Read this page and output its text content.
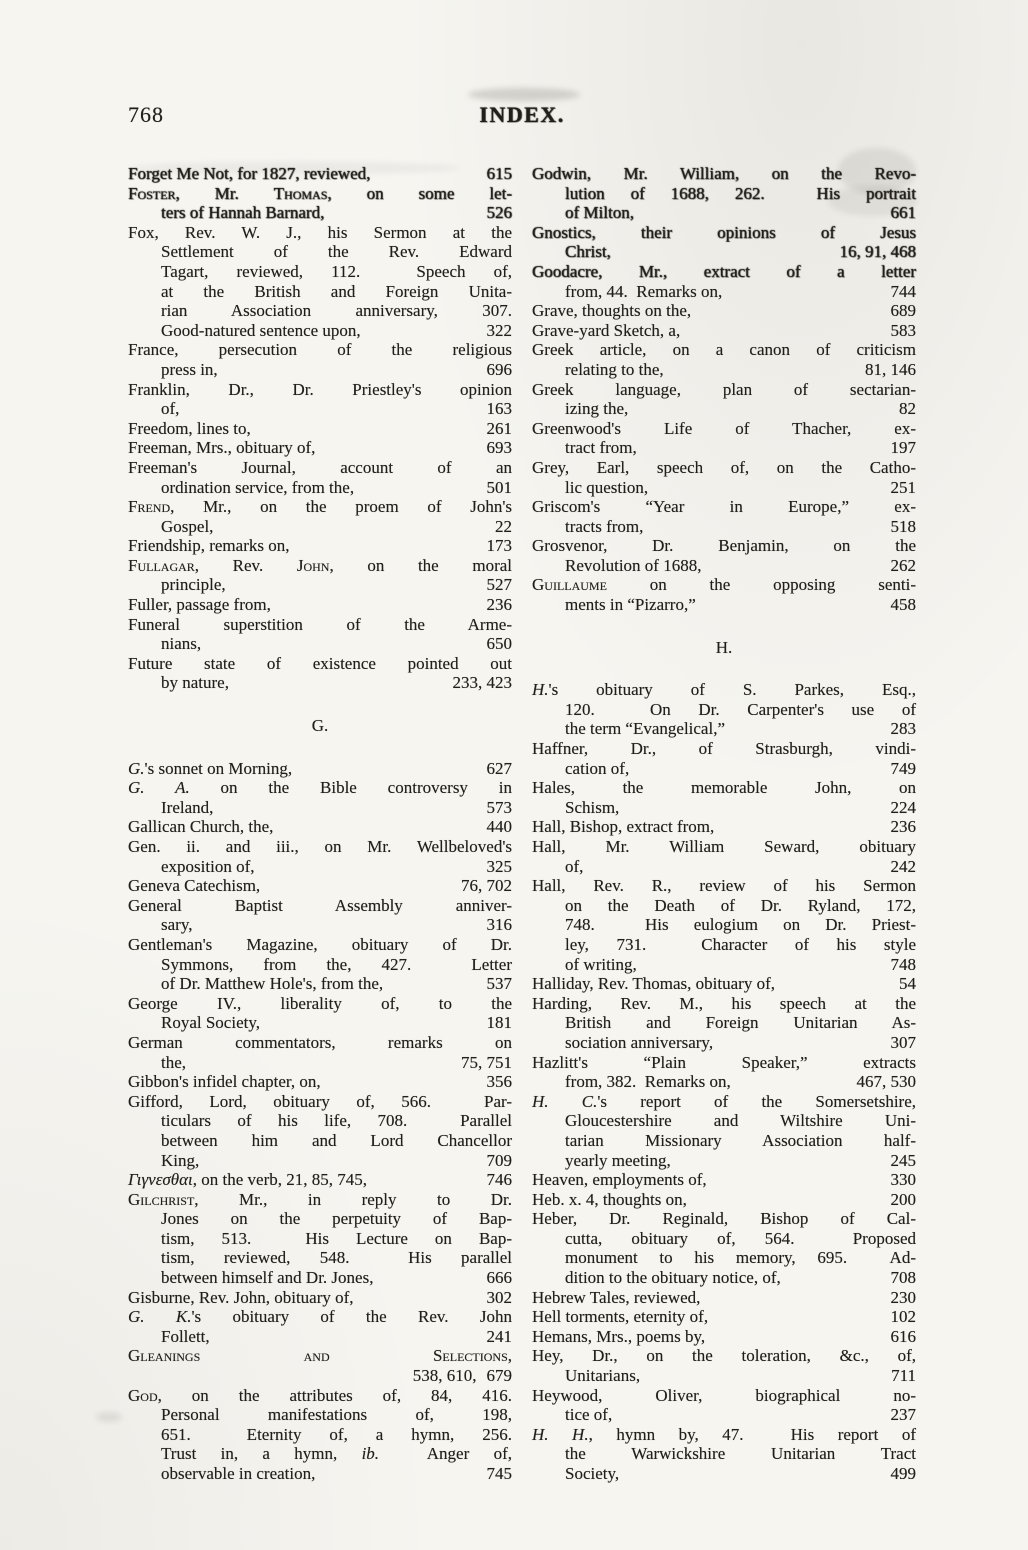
768	INDEX.
Forget Me Not, for 1827, reviewed,	615
Foster, Mr. Thomas, on some let-
ters of Hannah Barnard,	526
Fox, Rev. W. J., his Sermon at the
Settlement of the Rev. Edward
Tagart, reviewed, 112.  Speech of,
at the British and Foreign Unita-
rian Association anniversary, 307.
Good-natured sentence upon,	322
France, persecution of the religious
press in,	696
Franklin, Dr., Dr. Priestley's opinion
of,	163
Freedom, lines to,	261
Freeman, Mrs., obituary of,	693
Freeman's Journal, account of an
ordination service, from the,	501
Frend, Mr., on the proem of John's
Gospel,	22
Friendship, remarks on,	173
Fullagar, Rev. John, on the moral
principle,	527
Fuller, passage from,	236
Funeral superstition of the Arme-
nians,	650
Future state of existence pointed out
by nature,	233, 423
G.
G.'s sonnet on Morning,	627
G. A. on the Bible controversy in
Ireland,	573
Gallican Church, the,	440
Gen. ii. and iii., on Mr. Wellbeloved's
exposition of,	325
Geneva Catechism,	76, 702
General Baptist Assembly anniver-
sary,	316
Gentleman's Magazine, obituary of Dr.
Symmons, from the, 427.  Letter
of Dr. Matthew Hole's, from the,	537
George IV., liberality of, to the
Royal Society,	181
German commentators, remarks on
the,	75, 751
Gibbon's infidel chapter, on,	356
Gifford, Lord, obituary of, 566.  Par-
ticulars of his life, 708.  Parallel
between him and Lord Chancellor
King,	709
Γιγνεσθαι, on the verb, 21, 85, 745,	746
Gilchrist, Mr., in reply to Dr.
Jones on the perpetuity of Bap-
tism, 513.  His Lecture on Bap-
tism, reviewed, 548.  His parallel
between himself and Dr. Jones,	666
Gisburne, Rev. John, obituary of,	302
G. K.'s obituary of the Rev. John
Follett,	241
Gleanings and Selections,
538, 610, 679
God, on the attributes of, 84, 416.
Personal manifestations of, 198,
651.  Eternity of, a hymn, 256.
Trust in, a hymn, ib.  Anger of,
observable in creation,	745
Godwin, Mr. William, on the Revo-
lution of 1688, 262.  His portrait
of Milton,	661
Gnostics, their opinions of Jesus
Christ,	16, 91, 468
Goodacre, Mr., extract of a letter
from, 44.  Remarks on,	744
Grave, thoughts on the,	689
Grave-yard Sketch, a,	583
Greek article, on a canon of criticism
relating to the,	81, 146
Greek language, plan of sectarian-
izing the,	82
Greenwood's Life of Thacher, ex-
tract from,	197
Grey, Earl, speech of, on the Catho-
lic question,	251
Griscom's “Year in Europe,” ex-
tracts from,	518
Grosvenor, Dr. Benjamin, on the
Revolution of 1688,	262
Guillaume on the opposing senti-
ments in “Pizarro,”	458
H.
H.'s obituary of S. Parkes, Esq.,
120.  On Dr. Carpenter's use of
the term “Evangelical,”	283
Haffner, Dr., of Strasburgh, vindi-
cation of,	749
Hales, the memorable John, on
Schism,	224
Hall, Bishop, extract from,	236
Hall, Mr. William Seward, obituary
of,	242
Hall, Rev. R., review of his Sermon
on the Death of Dr. Ryland, 172,
748.  His eulogium on Dr. Priest-
ley, 731.  Character of his style
of writing,	748
Halliday, Rev. Thomas, obituary of,	54
Harding, Rev. M., his speech at the
British and Foreign Unitarian As-
sociation anniversary,	307
Hazlitt's “Plain Speaker,” extracts
from, 382.  Remarks on,	467, 530
H. C.'s report of the Somersetshire,
Gloucestershire and Wiltshire Uni-
tarian Missionary Association half-
yearly meeting,	245
Heaven, employments of,	330
Heb. x. 4, thoughts on,	200
Heber, Dr. Reginald, Bishop of Cal-
cutta, obituary of, 564.  Proposed
monument to his memory, 695.  Ad-
dition to the obituary notice, of,	708
Hebrew Tales, reviewed,	230
Hell torments, eternity of,	102
Hemans, Mrs., poems by,	616
Hey, Dr., on the toleration, &c., of,
Unitarians,	711
Heywood, Oliver, biographical no-
tice of,	237
H. H., hymn by, 47.  His report of
the Warwickshire Unitarian Tract
Society,	499
